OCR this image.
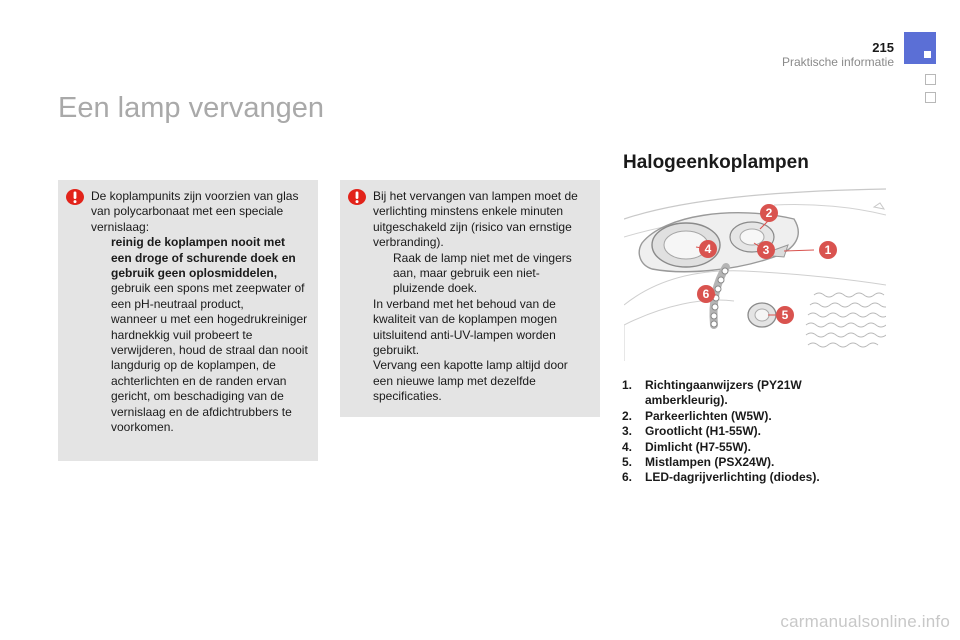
215
Praktische informatie
Een lamp vervangen

De koplampunits zijn voorzien van glas van polycarbonaat met een speciale vernislaag:

reinig de koplampen nooit met een droge of schurende doek en gebruik geen oplosmiddelen,
gebruik een spons met zeepwater of een pH-neutraal product,
wanneer u met een hogedrukreiniger hardnekkig vuil probeert te verwijderen, houd de straal dan nooit langdurig op de koplampen, de achterlichten en de randen ervan gericht, om beschadiging van de vernislaag en de afdichtrubbers te voorkomen.

Bij het vervangen van lampen moet de verlichting minstens enkele minuten uitgeschakeld zijn (risico van ernstige verbranding).

Raak de lamp niet met de vingers aan, maar gebruik een niet-pluizende doek.

In verband met het behoud van de kwaliteit van de koplampen mogen uitsluitend anti-UV-lampen worden gebruikt.

Vervang een kapotte lamp altijd door een nieuwe lamp met dezelfde specificaties.

Halogeenkoplampen
1
2
3
4
5
6
1. Richtingaanwijzers (PY21W amberkleurig).
2. Parkeerlichten (W5W).
3. Grootlicht (H1-55W).
4. Dimlicht (H7-55W).
5. Mistlampen (PSX24W).
6. LED-dagrijverlichting (diodes).
carmanualsonline.info
